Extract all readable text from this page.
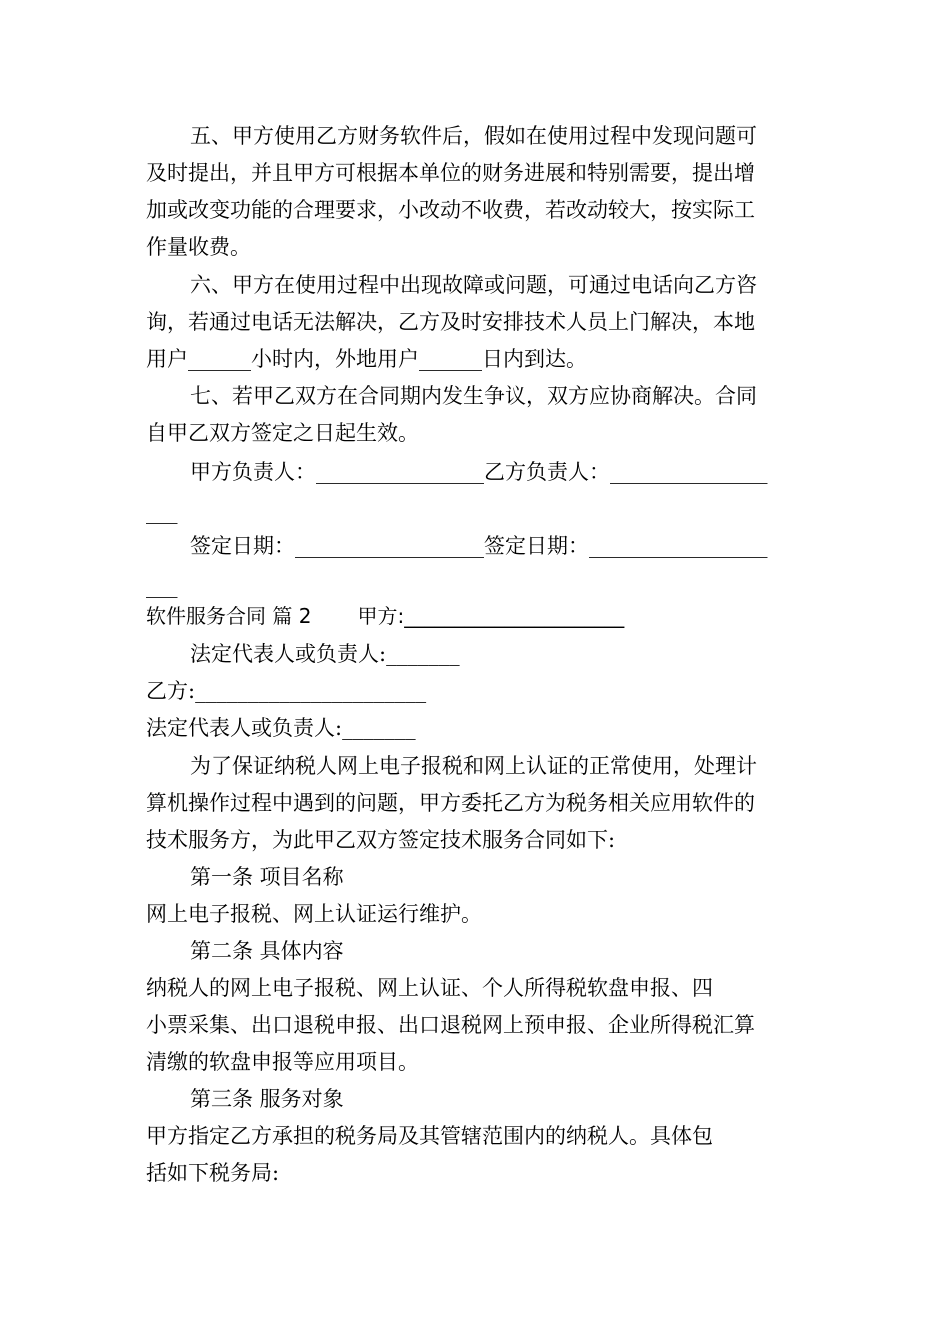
五、甲方使用乙方财务软件后，假如在使用过程中发现问题可
及时提出，并且甲方可根据本单位的财务进展和特别需要，提出增
加或改变功能的合理要求，小改动不收费，若改动较大，按实际工
作量收费。
六、甲方在使用过程中出现故障或问题，可通过电话向乙方咨
询，若通过电话无法解决，乙方及时安排技术人员上门解决，本地
用户______小时内，外地用户______日内到达。
七、若甲乙双方在合同期内发生争议，双方应协商解决。合同
自甲乙双方签定之日起生效。
甲方负责人：________________乙方负责人：_______________
___
签定日期：__________________签定日期：_________________
___
软件服务合同 篇 2 甲方:______________________
法定代表人或负责人:_______
乙方:______________________
法定代表人或负责人:_______
为了保证纳税人网上电子报税和网上认证的正常使用，处理计
算机操作过程中遇到的问题，甲方委托乙方为税务相关应用软件的
技术服务方，为此甲乙双方签定技术服务合同如下:
第一条 项目名称
网上电子报税、网上认证运行维护。
第二条 具体内容
纳税人的网上电子报税、网上认证、个人所得税软盘申报、四
小票采集、出口退税申报、出口退税网上预申报、企业所得税汇算
清缴的软盘申报等应用项目。
第三条 服务对象
甲方指定乙方承担的税务局及其管辖范围内的纳税人。具体包
括如下税务局:
